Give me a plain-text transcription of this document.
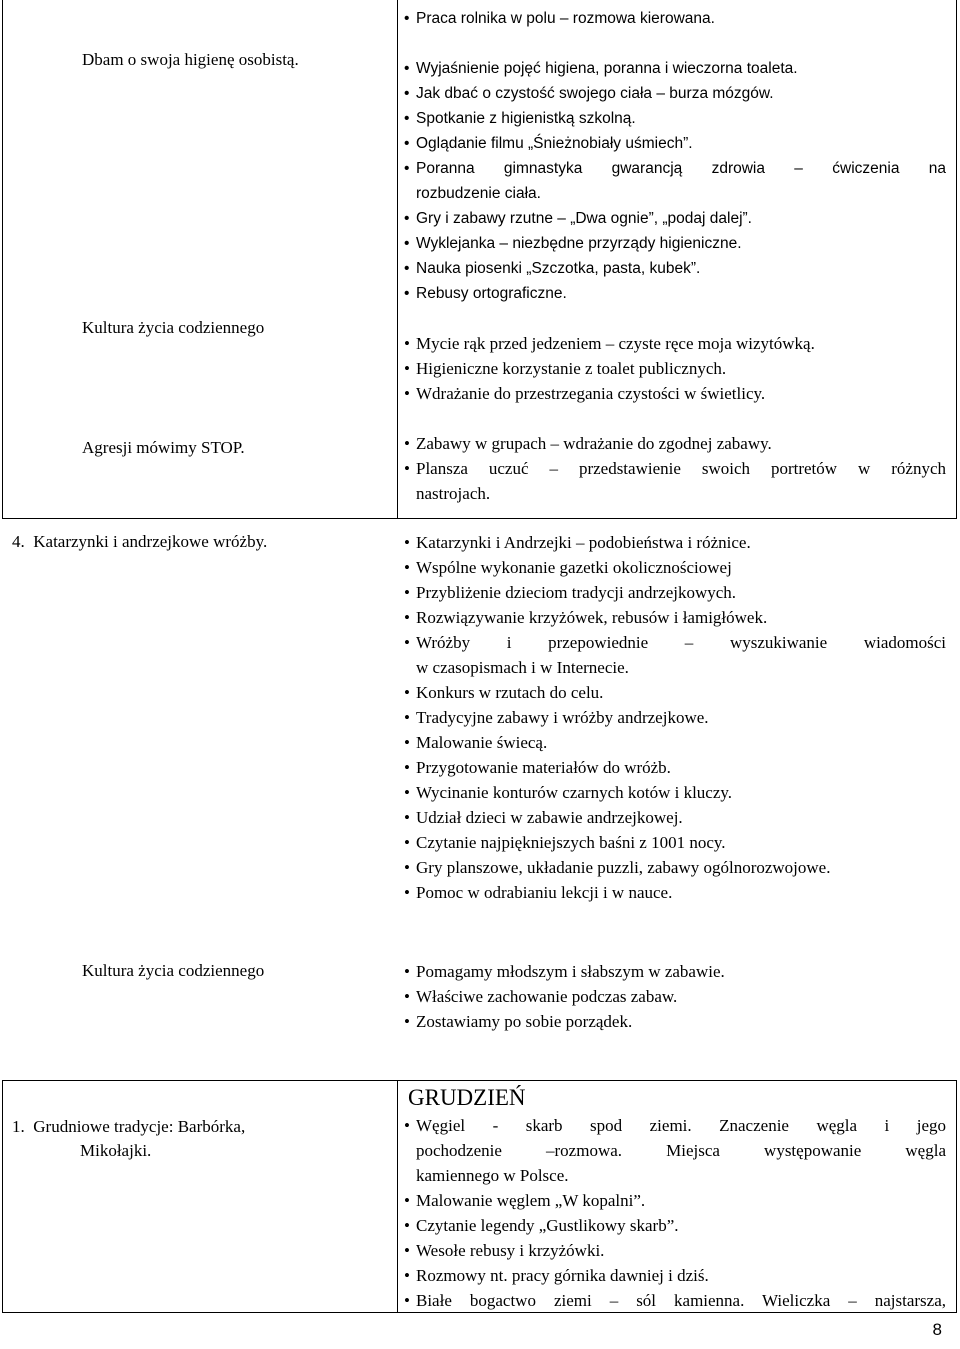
Dbam o swoja higienę osobistą.
Kultura życia codziennego
Agresji mówimy STOP.
• Praca rolnika w polu – rozmowa kierowana.
• Wyjaśnienie pojęć higiena, poranna i wieczorna toaleta.
• Jak dbać o czystość swojego ciała – burza mózgów.
• Spotkanie z higienistką szkolną.
• Oglądanie filmu „Śnieżnobiały uśmiech”.
• Poranna gimnastyka gwarancją zdrowia – ćwiczenia na
rozbudzenie ciała.
• Gry i zabawy rzutne – „Dwa ognie”, „podaj dalej”.
• Wyklejanka – niezbędne przyrządy higieniczne.
• Nauka piosenki „Szczotka, pasta, kubek”.
• Rebusy ortograficzne.
• Mycie rąk przed jedzeniem – czyste ręce moja wizytówką.
• Higieniczne korzystanie z toalet publicznych.
• Wdrażanie do przestrzegania czystości w świetlicy.
• Zabawy w grupach – wdrażanie do zgodnej zabawy.
• Plansza uczuć – przedstawienie swoich portretów w różnych
nastrojach.
4.  Katarzynki i andrzejkowe wróżby.
Kultura życia codziennego
• Katarzynki i Andrzejki – podobieństwa i różnice.
• Wspólne wykonanie gazetki okolicznościowej
• Przybliżenie dzieciom tradycji andrzejkowych.
• Rozwiązywanie krzyżówek, rebusów i łamigłówek.
• Wróżby i przepowiednie – wyszukiwanie wiadomości
w czasopismach i w Internecie.
• Konkurs w rzutach do celu.
• Tradycyjne zabawy i wróżby andrzejkowe.
• Malowanie świecą.
• Przygotowanie materiałów do wróżb.
• Wycinanie konturów czarnych kotów i kluczy.
• Udział dzieci w zabawie andrzejkowej.
• Czytanie najpiękniejszych baśni z 1001 nocy.
• Gry planszowe, układanie puzzli, zabawy ogólnorozwojowe.
• Pomoc w odrabianiu lekcji i w nauce.
• Pomagamy młodszym i słabszym w zabawie.
• Właściwe zachowanie podczas zabaw.
• Zostawiamy po sobie porządek.
GRUDZIEŃ
1.  Grudniowe tradycje: Barbórka,
Mikołajki.
• Węgiel - skarb spod ziemi. Znaczenie węgla i jego
pochodzenie –rozmowa. Miejsca występowanie węgla
kamiennego w Polsce.
• Malowanie węglem „W kopalni”.
• Czytanie legendy „Gustlikowy skarb”.
• Wesołe rebusy i krzyżówki.
• Rozmowy nt. pracy górnika dawniej i dziś.
• Białe bogactwo ziemi – sól kamienna. Wieliczka – najstarsza,
8
